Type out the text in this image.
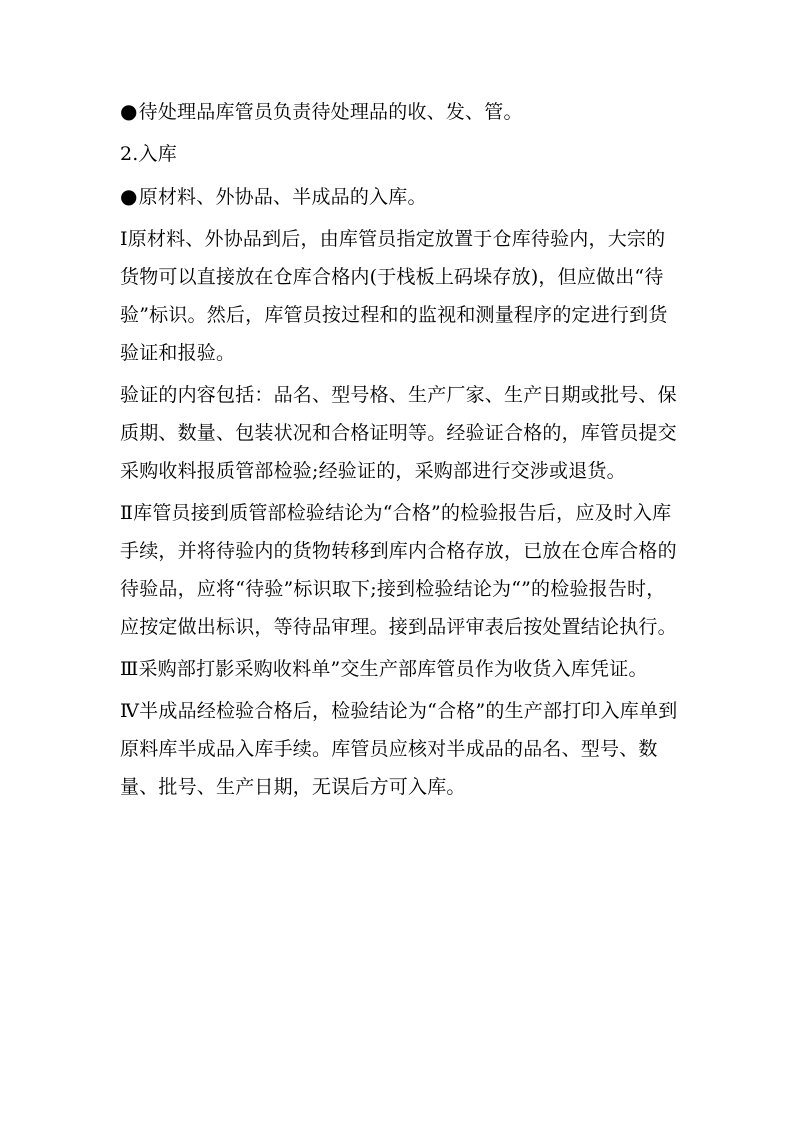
●待处理品库管员负责待处理品的收、发、管。

2.入库

●原材料、外协品、半成品的入库。

Ⅰ原材料、外协品到后，由库管员指定放置于仓库待验内，大宗的货物可以直接放在仓库合格内(于栈板上码垛存放)，但应做出“待验”标识。然后，库管员按过程和的监视和测量程序的定进行到货验证和报验。

验证的内容包括：品名、型号格、生产厂家、生产日期或批号、保质期、数量、包装状况和合格证明等。经验证合格的，库管员提交采购收料报质管部检验;经验证的，采购部进行交涉或退货。

Ⅱ库管员接到质管部检验结论为“合格”的检验报告后，应及时入库手续，并将待验内的货物转移到库内合格存放，已放在仓库合格的待验品，应将“待验”标识取下;接到检验结论为“”的检验报告时，应按定做出标识，等待品审理。接到品评审表后按处置结论执行。

Ⅲ采购部打影采购收料单”交生产部库管员作为收货入库凭证。

Ⅳ半成品经检验合格后，检验结论为“合格”的生产部打印入库单到原料库半成品入库手续。库管员应核对半成品的品名、型号、数量、批号、生产日期，无误后方可入库。
